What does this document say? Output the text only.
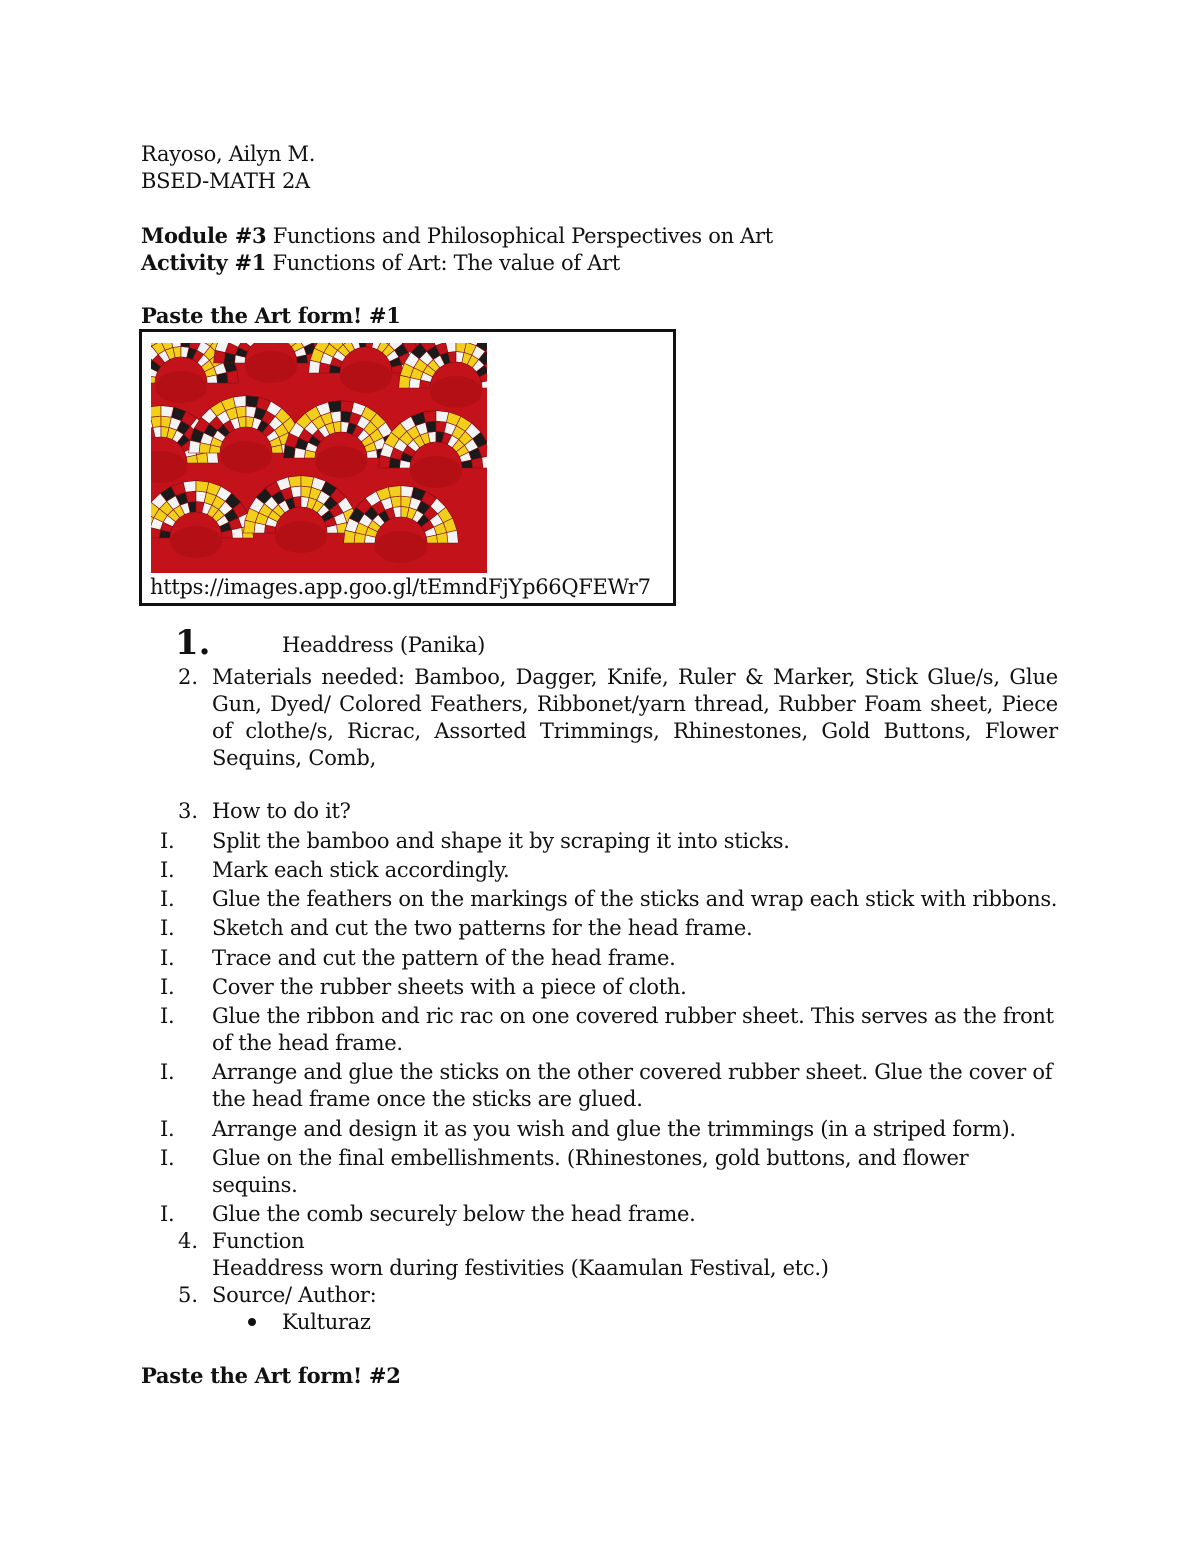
Rayoso, Ailyn M.
BSED-MATH 2A
Module #3 Functions and Philosophical Perspectives on Art
Activity #1 Functions of Art: The value of Art
Paste the Art form! #1
https://images.app.goo.gl/tEmndFjYp66QFEWr7
1.	Headdress (Panika)
2. Materials needed: Bamboo, Dagger, Knife, Ruler & Marker, Stick Glue/s, Glue Gun, Dyed/ Colored Feathers, Ribbonet/yarn thread, Rubber Foam sheet, Piece of clothe/s, Ricrac, Assorted Trimmings, Rhinestones, Gold Buttons, Flower Sequins, Comb,
3. How to do it?
I. Split the bamboo and shape it by scraping it into sticks.
I. Mark each stick accordingly.
I. Glue the feathers on the markings of the sticks and wrap each stick with ribbons.
I. Sketch and cut the two patterns for the head frame.
I. Trace and cut the pattern of the head frame.
I. Cover the rubber sheets with a piece of cloth.
I. Glue the ribbon and ric rac on one covered rubber sheet. This serves as the front
of the head frame.
I. Arrange and glue the sticks on the other covered rubber sheet. Glue the cover of
the head frame once the sticks are glued.
I. Arrange and design it as you wish and glue the trimmings (in a striped form).
I. Glue on the final embellishments. (Rhinestones, gold buttons, and flower
sequins.
I. Glue the comb securely below the head frame.
4. Function
Headdress worn during festivities (Kaamulan Festival, etc.)
5. Source/ Author:
Kulturaz
Paste the Art form! #2
